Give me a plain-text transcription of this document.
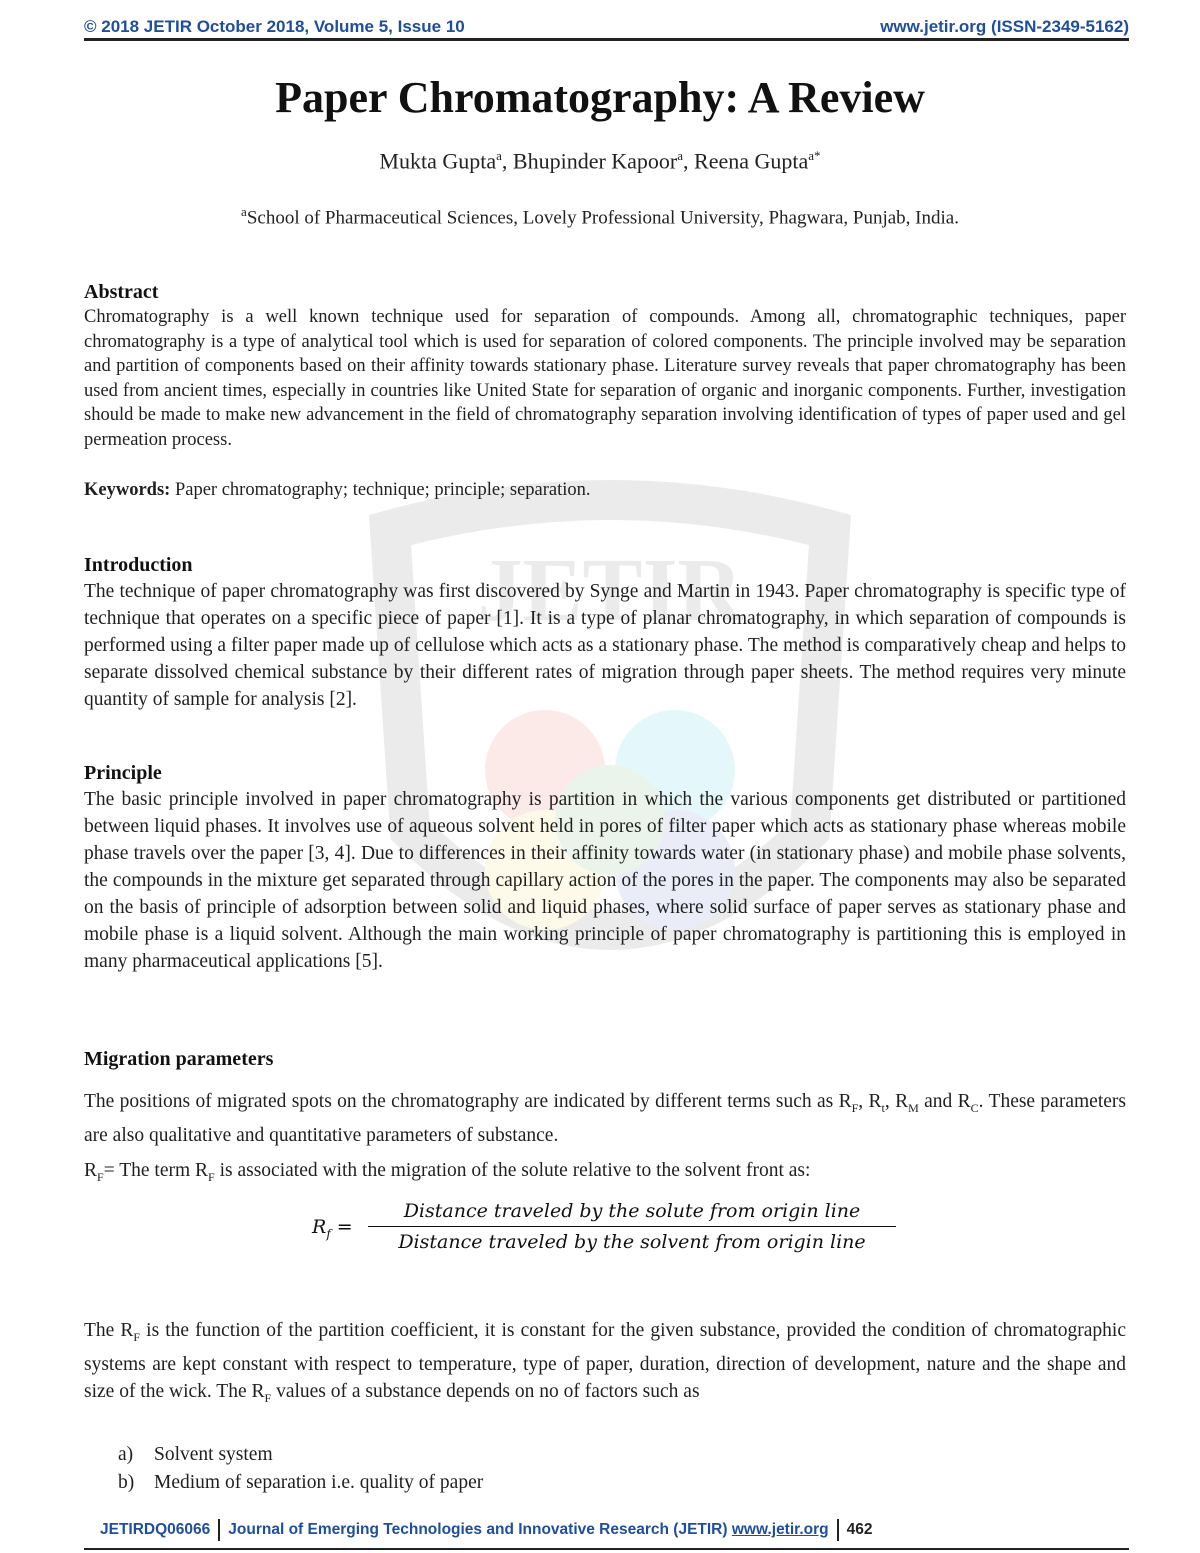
© 2018 JETIR October 2018, Volume 5, Issue 10	www.jetir.org (ISSN-2349-5162)
JETIR
Paper Chromatography: A Review
Mukta Gupta$^a$, Bhupinder Kapoor$^a$, Reena Gupta$^{a*}$
$^a$School of Pharmaceutical Sciences, Lovely Professional University, Phagwara, Punjab, India.

Abstract

Chromatography is a well known technique used for separation of compounds. Among all, chromatographic techniques, paper chromatography is a type of analytical tool which is used for separation of colored components. The principle involved may be separation and partition of components based on their affinity towards stationary phase. Literature survey reveals that paper chromatography has been used from ancient times, especially in countries like United State for separation of organic and inorganic components. Further, investigation should be made to make new advancement in the field of chromatography separation involving identification of types of paper used and gel permeation process.

Keywords: Paper chromatography; technique; principle; separation.

Introduction

The technique of paper chromatography was first discovered by Synge and Martin in 1943. Paper chromatography is specific type of technique that operates on a specific piece of paper [1]. It is a type of planar chromatography, in which separation of compounds is performed using a filter paper made up of cellulose which acts as a stationary phase. The method is comparatively cheap and helps to separate dissolved chemical substance by their different rates of migration through paper sheets. The method requires very minute quantity of sample for analysis [2].

Principle

The basic principle involved in paper chromatography is partition in which the various components get distributed or partitioned between liquid phases. It involves use of aqueous solvent held in pores of filter paper which acts as stationary phase whereas mobile phase travels over the paper [3, 4]. Due to differences in their affinity towards water (in stationary phase) and mobile phase solvents, the compounds in the mixture get separated through capillary action of the pores in the paper. The components may also be separated on the basis of principle of adsorption between solid and liquid phases, where solid surface of paper serves as stationary phase and mobile phase is a liquid solvent. Although the main working principle of paper chromatography is partitioning this is employed in many pharmaceutical applications [5].

Migration parameters

The positions of migrated spots on the chromatography are indicated by different terms such as $R_F$, $R_t$, $R_M$ and $R_C$. These parameters are also qualitative and quantitative parameters of substance.

$R_F=$ The term $R_F$ is associated with the migration of the solute relative to the solvent front as:

$R_f$ =
Distance traveled by the solute from origin line
Distance traveled by the solvent from origin line

The $R_F$ is the function of the partition coefficient, it is constant for the given substance, provided the condition of chromatographic systems are kept constant with respect to temperature, type of paper, duration, direction of development, nature and the shape and size of the wick. The $R_F$ values of a substance depends on no of factors such as

a) Solvent system
b) Medium of separation i.e. quality of paper
JETIRDQ06066 Journal of Emerging Technologies and Innovative Research (JETIR) www.jetir.org 462
